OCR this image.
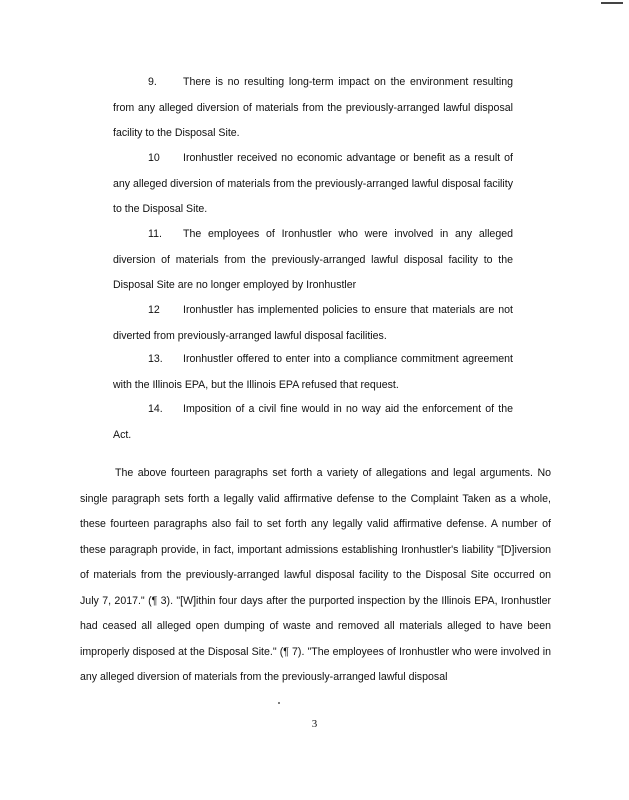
9. There is no resulting long-term impact on the environment resulting from any alleged diversion of materials from the previously-arranged lawful disposal facility to the Disposal Site.

10 Ironhustler received no economic advantage or benefit as a result of any alleged diversion of materials from the previously-arranged lawful disposal facility to the Disposal Site.

11. The employees of Ironhustler who were involved in any alleged diversion of materials from the previously-arranged lawful disposal facility to the Disposal Site are no longer employed by Ironhustler

12 Ironhustler has implemented policies to ensure that materials are not diverted from previously-arranged lawful disposal facilities.

13. Ironhustler offered to enter into a compliance commitment agreement with the Illinois EPA, but the Illinois EPA refused that request.

14. Imposition of a civil fine would in no way aid the enforcement of the Act.

The above fourteen paragraphs set forth a variety of allegations and legal arguments. No single paragraph sets forth a legally valid affirmative defense to the Complaint Taken as a whole, these fourteen paragraphs also fail to set forth any legally valid affirmative defense. A number of these paragraph provide, in fact, important admissions establishing Ironhustler's liability "[D]iversion of materials from the previously-arranged lawful disposal facility to the Disposal Site occurred on July 7, 2017." (¶ 3). "[W]ithin four days after the purported inspection by the Illinois EPA, Ironhustler had ceased all alleged open dumping of waste and removed all materials alleged to have been improperly disposed at the Disposal Site." (¶ 7). "The employees of Ironhustler who were involved in any alleged diversion of materials from the previously-arranged lawful disposal

3
